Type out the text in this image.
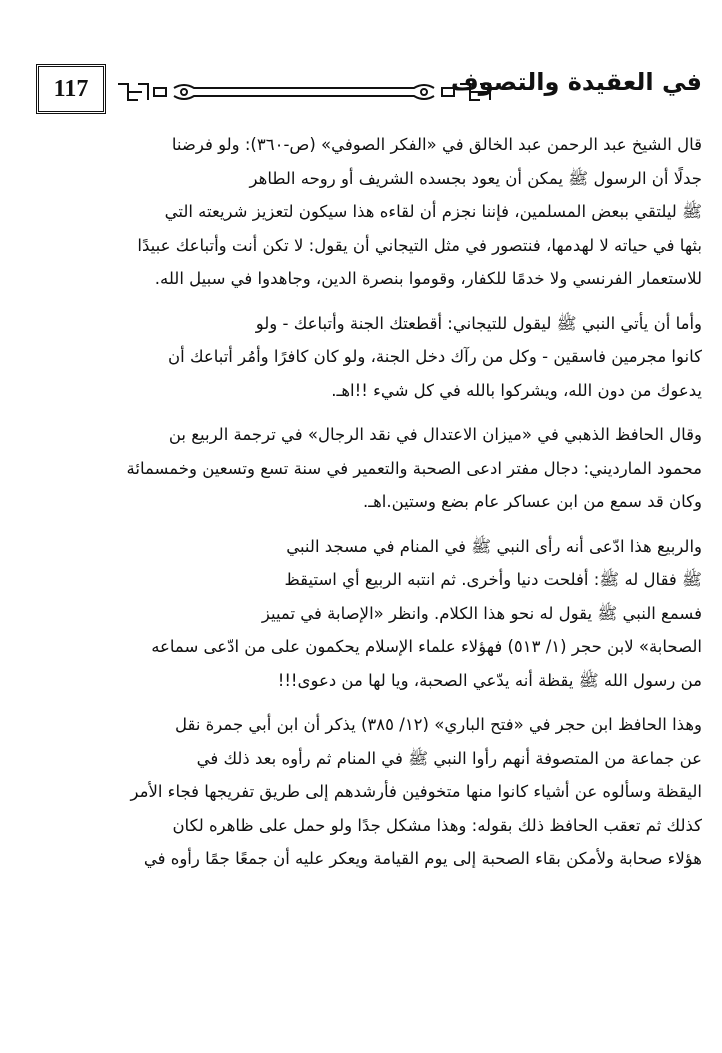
117	في العقيدة والتصوف
قال الشيخ عبد الرحمن عبد الخالق في «الفكر الصوفي» (ص-٣٦٠): ولو فرضنا
جدلًا أن الرسول ﷺ يمكن أن يعود بجسده الشريف أو روحه الطاهر
ﷺ ليلتقي ببعض المسلمين، فإننا نجزم أن لقاءه هذا سيكون لتعزيز شريعته التي
بثها في حياته لا لهدمها، فنتصور في مثل التيجاني أن يقول: لا تكن أنت وأتباعك عبيدًا
للاستعمار الفرنسي ولا خدمًا للكفار، وقوموا بنصرة الدين، وجاهدوا في سبيل الله.
وأما أن يأتي النبي ﷺ ليقول للتيجاني: أقطعتك الجنة وأتباعك - ولو
كانوا مجرمين فاسقين - وكل من رآك دخل الجنة، ولو كان كافرًا وأمُر أتباعك أن
يدعوك من دون الله، ويشركوا بالله في كل شيء !!اهـ.
وقال الحافظ الذهبي في «ميزان الاعتدال في نقد الرجال» في ترجمة الربيع بن
محمود المارديني: دجال مفتر ادعى الصحبة والتعمير في سنة تسع وتسعين وخمسمائة
وكان قد سمع من ابن عساكر عام بضع وستين.اهـ.
والربيع هذا ادّعى أنه رأى النبي ﷺ في المنام في مسجد النبي
ﷺ فقال له ﷺ: أفلحت دنيا وأخرى. ثم انتبه الربيع أي استيقظ
فسمع النبي ﷺ يقول له نحو هذا الكلام. وانظر «الإصابة في تمييز
الصحابة» لابن حجر (١/ ٥١٣) فهؤلاء علماء الإسلام يحكمون على من ادّعى سماعه
من رسول الله ﷺ يقظة أنه يدّعي الصحبة، ويا لها من دعوى!!!
وهذا الحافظ ابن حجر في «فتح الباري» (١٢/ ٣٨٥) يذكر أن ابن أبي جمرة نقل
عن جماعة من المتصوفة أنهم رأوا النبي ﷺ في المنام ثم رأوه بعد ذلك في
اليقظة وسألوه عن أشياء كانوا منها متخوفين فأرشدهم إلى طريق تفريجها فجاء الأمر
كذلك ثم تعقب الحافظ ذلك بقوله: وهذا مشكل جدًا ولو حمل على ظاهره لكان
هؤلاء صحابة ولأمكن بقاء الصحبة إلى يوم القيامة ويعكر عليه أن جمعًا جمًا رأوه في
